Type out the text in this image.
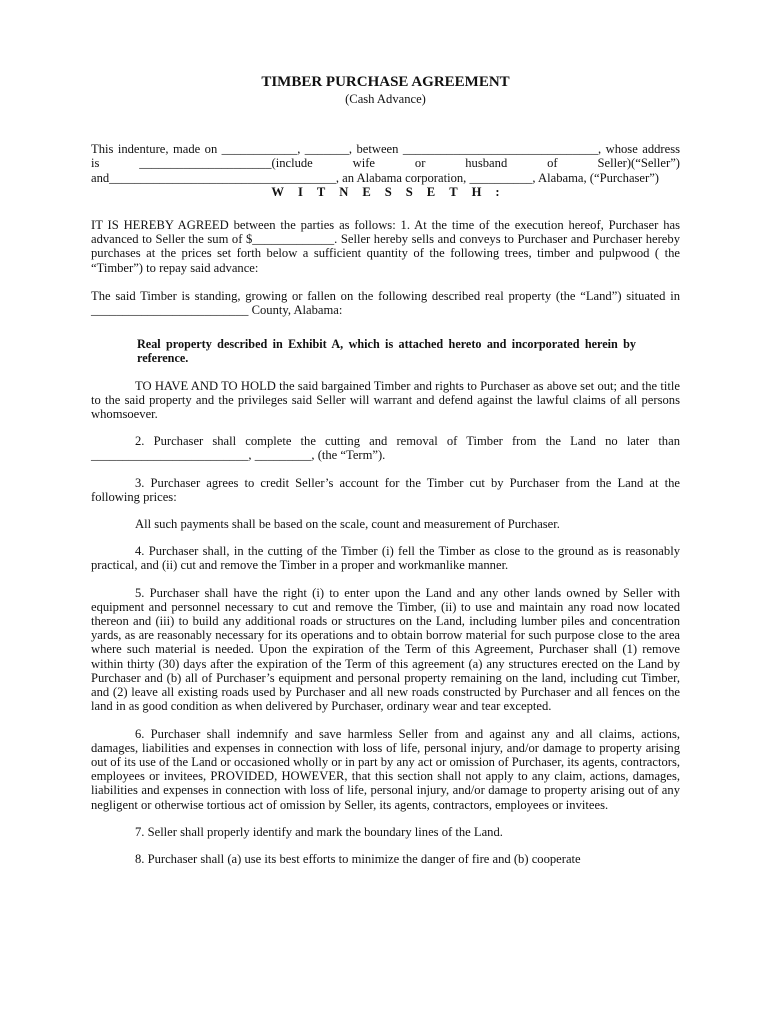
TIMBER PURCHASE AGREEMENT
(Cash Advance)

This indenture, made on ____________, _______, between _______________________________, whose address is _____________________(include wife or husband of Seller)(“Seller”) and____________________________________, an Alabama corporation, __________, Alabama, (“Purchaser”)

WITNESSETH:

IT IS HEREBY AGREED between the parties as follows: 1. At the time of the execution hereof, Purchaser has advanced to Seller the sum of $_____________. Seller hereby sells and conveys to Purchaser and Purchaser hereby purchases at the prices set forth below a sufficient quantity of the following trees, timber and pulpwood ( the “Timber”) to repay said advance:

The said Timber is standing, growing or fallen on the following described real property (the “Land”) situated in _________________________ County, Alabama:

Real property described in Exhibit A, which is attached hereto and incorporated herein by reference.

TO HAVE AND TO HOLD the said bargained Timber and rights to Purchaser as above set out; and the title to the said property and the privileges said Seller will warrant and defend against the lawful claims of all persons whomsoever.

2. Purchaser shall complete the cutting and removal of Timber from the Land no later than _________________________, _________, (the “Term”).

3. Purchaser agrees to credit Seller’s account for the Timber cut by Purchaser from the Land at the following prices:

All such payments shall be based on the scale, count and measurement of Purchaser.

4. Purchaser shall, in the cutting of the Timber (i) fell the Timber as close to the ground as is reasonably practical, and (ii) cut and remove the Timber in a proper and workmanlike manner.

5. Purchaser shall have the right (i) to enter upon the Land and any other lands owned by Seller with equipment and personnel necessary to cut and remove the Timber, (ii) to use and maintain any road now located thereon and (iii) to build any additional roads or structures on the Land, including lumber piles and concentration yards, as are reasonably necessary for its operations and to obtain borrow material for such purpose close to the area where such material is needed. Upon the expiration of the Term of this Agreement, Purchaser shall (1) remove within thirty (30) days after the expiration of the Term of this agreement (a) any structures erected on the Land by Purchaser and (b) all of Purchaser’s equipment and personal property remaining on the land, including cut Timber, and (2) leave all existing roads used by Purchaser and all new roads constructed by Purchaser and all fences on the land in as good condition as when delivered by Purchaser, ordinary wear and tear excepted.

6. Purchaser shall indemnify and save harmless Seller from and against any and all claims, actions, damages, liabilities and expenses in connection with loss of life, personal injury, and/or damage to property arising out of its use of the Land or occasioned wholly or in part by any act or omission of Purchaser, its agents, contractors, employees or invitees, PROVIDED, HOWEVER, that this section shall not apply to any claim, actions, damages, liabilities and expenses in connection with loss of life, personal injury, and/or damage to property arising out of any negligent or otherwise tortious act of omission by Seller, its agents, contractors, employees or invitees.

7. Seller shall properly identify and mark the boundary lines of the Land.

8. Purchaser shall (a) use its best efforts to minimize the danger of fire and (b) cooperate
